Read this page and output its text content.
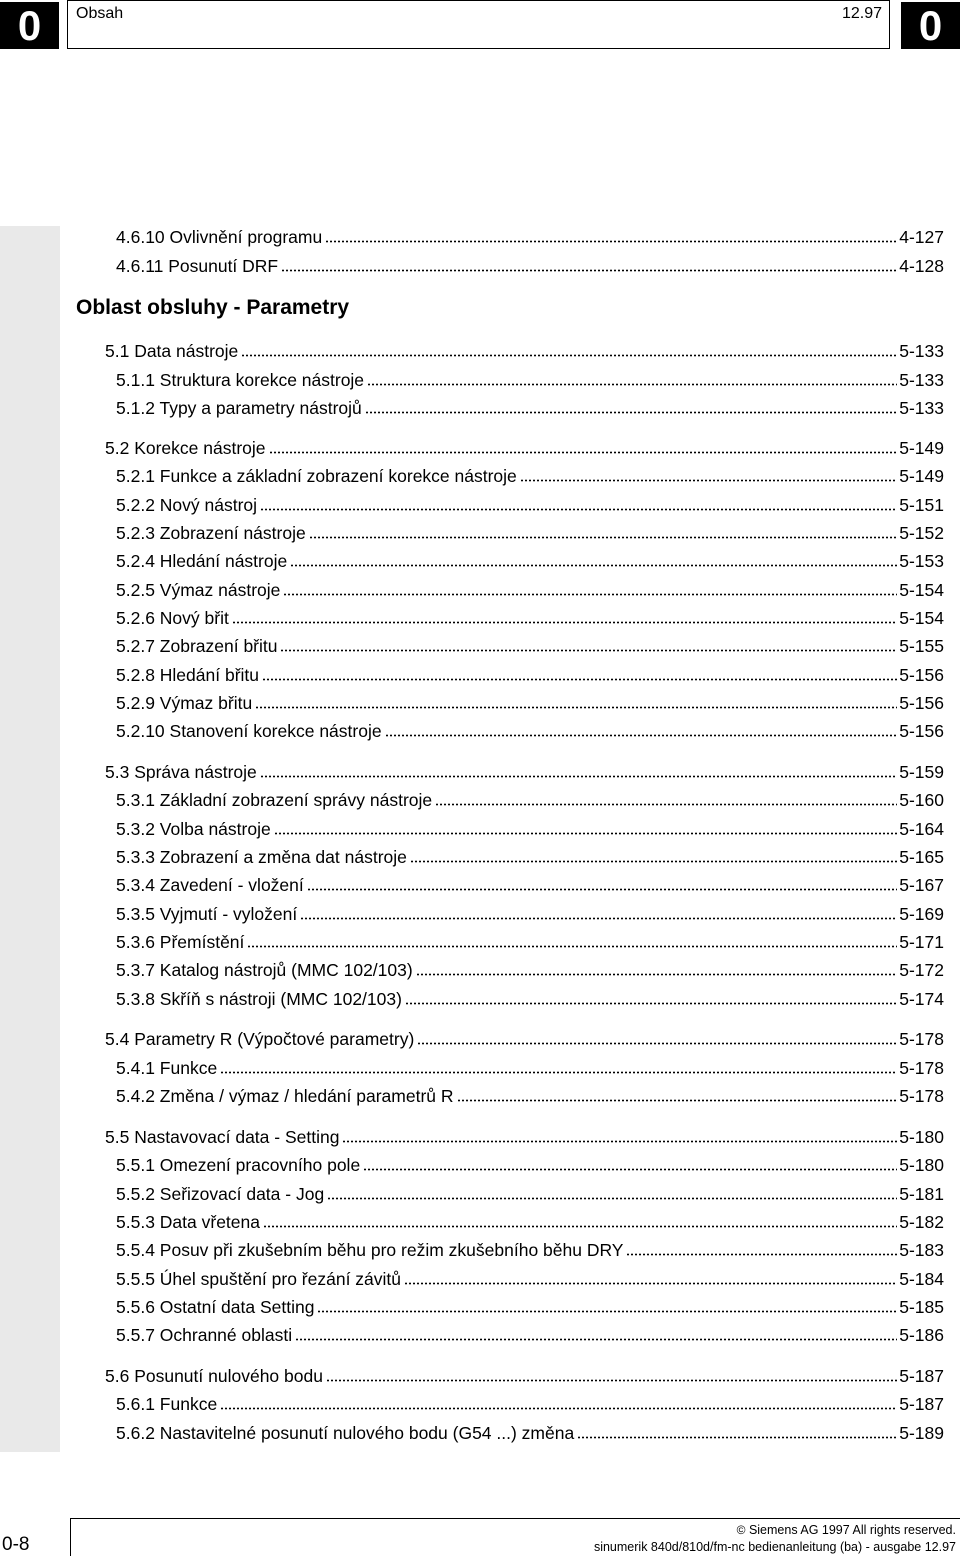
0	Obsah	12.97 0
Oblast obsluhy - Parametry
4.6.10 Ovlivnění programu	4-127
4.6.11 Posunutí DRF	4-128
5.1 Data nástroje	5-133
5.1.1 Struktura korekce nástroje	5-133
5.1.2 Typy a parametry nástrojů	5-133
5.2 Korekce nástroje	5-149
5.2.1 Funkce a základní zobrazení korekce nástroje	5-149
5.2.2 Nový nástroj	5-151
5.2.3 Zobrazení nástroje	5-152
5.2.4 Hledání nástroje	5-153
5.2.5 Výmaz nástroje	5-154
5.2.6 Nový břit	5-154
5.2.7 Zobrazení břitu	5-155
5.2.8 Hledání břitu	5-156
5.2.9 Výmaz břitu	5-156
5.2.10 Stanovení korekce nástroje	5-156
5.3 Správa nástroje	5-159
5.3.1 Základní zobrazení správy nástroje	5-160
5.3.2 Volba nástroje	5-164
5.3.3 Zobrazení a změna dat nástroje	5-165
5.3.4 Zavedení - vložení	5-167
5.3.5 Vyjmutí - vyložení	5-169
5.3.6 Přemístění	5-171
5.3.7 Katalog nástrojů (MMC 102/103)	5-172
5.3.8 Skříň s nástroji (MMC 102/103)	5-174
5.4 Parametry R (Výpočtové parametry)	5-178
5.4.1 Funkce	5-178
5.4.2 Změna / výmaz / hledání parametrů R	5-178
5.5 Nastavovací data - Setting	5-180
5.5.1 Omezení pracovního pole	5-180
5.5.2 Seřizovací data - Jog	5-181
5.5.3 Data vřetena	5-182
5.5.4 Posuv při zkušebním běhu pro režim zkušebního běhu DRY	5-183
5.5.5 Úhel spuštění pro řezání závitů	5-184
5.5.6 Ostatní data Setting	5-185
5.5.7 Ochranné oblasti	5-186
5.6 Posunutí nulového bodu	5-187
5.6.1 Funkce	5-187
5.6.2 Nastavitelné posunutí nulového bodu (G54 ...) změna	5-189
0-8
© Siemens AG 1997 All rights reserved.
sinumerik 840d/810d/fm-nc bedienanleitung (ba) - ausgabe 12.97
